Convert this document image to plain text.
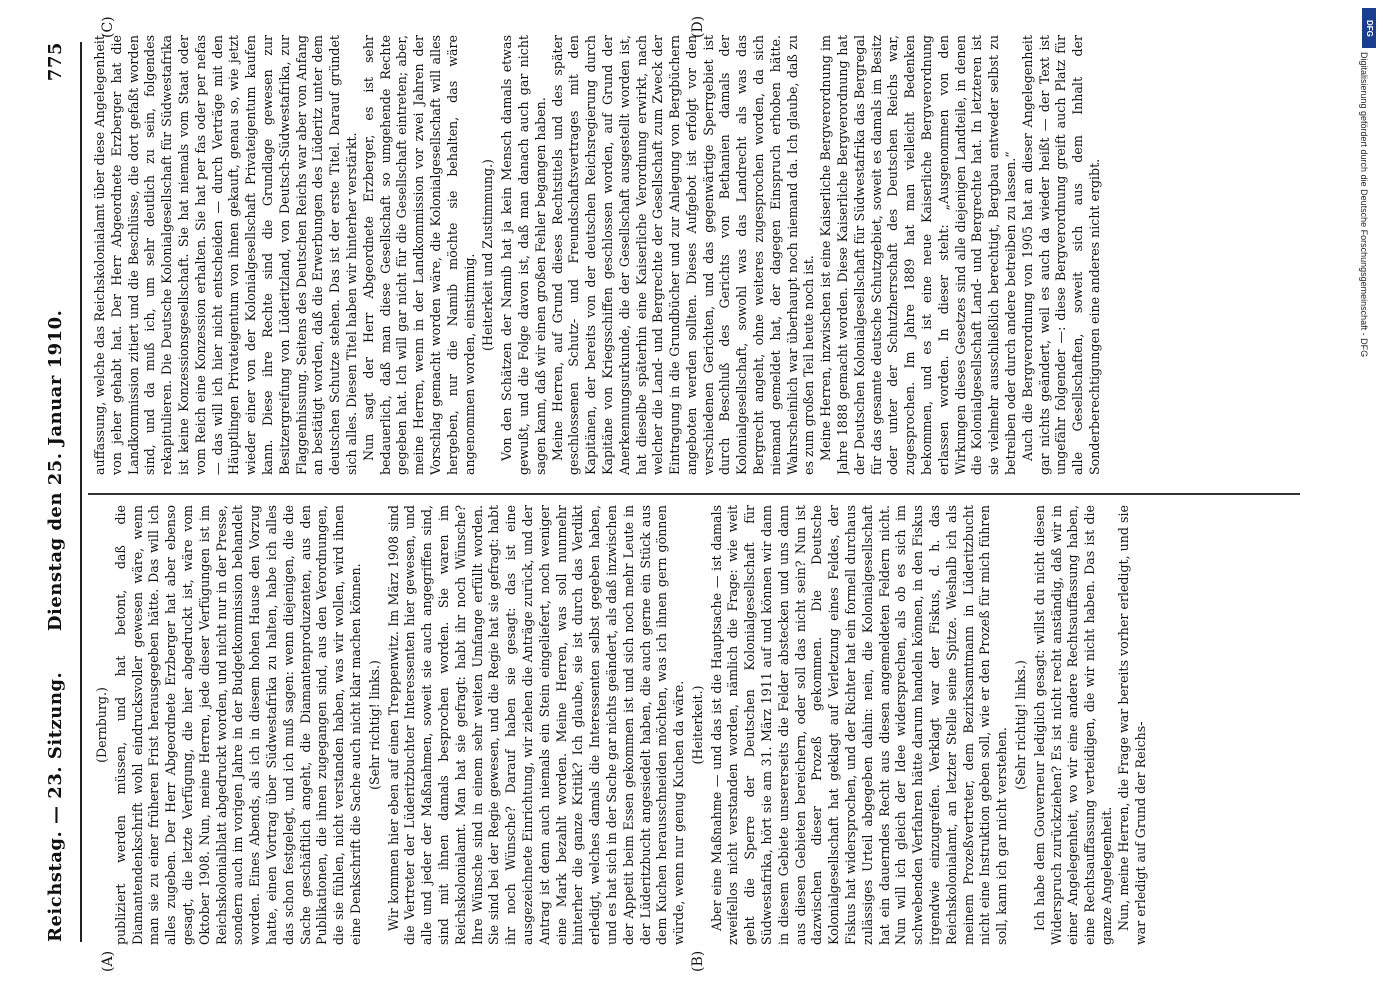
Reichstag. — 23. Sitzung.      Dienstag den 25. Januar 1910.
775
(A)	(B)
(C)	(D)

(Dernburg.) publiziert werden müssen, und hat betont, daß die Diamantendenkschrift wohl eindrucksvoller gewesen wäre, wenn man sie zu einer früheren Frist herausgegeben hätte. Das will ich alles zugeben. Der Herr Abgeordnete Erzberger hat aber ebenso gesagt, die letzte Verfügung, die hier abgedruckt ist, wäre vom Oktober 1908. Nun, meine Herren, jede dieser Verfügungen ist im Reichskolonialblatt abgedruckt worden, und nicht nur in der Presse, sondern auch im vorigen Jahre in der Budgetkommission behandelt worden. Eines Abends, als ich in diesem hohen Hause den Vorzug hatte, einen Vortrag über Südwestafrika zu halten, habe ich alles das schon festgelegt, und ich muß sagen: wenn diejenigen, die die Sache geschäftlich angeht, die Diamantenproduzenten, aus den Publikationen, die ihnen zugegangen sind, aus den Verordnungen, die sie fühlen, nicht verstanden haben, was wir wollen, wird ihnen eine Denkschrift die Sache auch nicht klar machen können. (Sehr richtig! links.) Wir kommen hier eben auf einen Treppenwitz. Im März 1908 sind die Vertreter der Lüderitzbuchter Interessenten hier gewesen, und alle und jeder der Maßnahmen, soweit sie auch angegriffen sind, sind mit ihnen damals besprochen worden. Sie waren im Reichskolonialamt. Man hat sie gefragt: habt ihr noch Wünsche? Ihre Wünsche sind in einem sehr weiten Umfange erfüllt worden. Sie sind bei der Regie gewesen, und die Regie hat sie gefragt: habt ihr noch Wünsche? Darauf haben sie gesagt: das ist eine ausgezeichnete Einrichtung, wir ziehen die Anträge zurück, und der Antrag ist denn auch niemals ein Stein eingeliefert, noch weniger eine Mark bezahlt worden. Meine Herren, was soll nunmehr hinterher die ganze Kritik? Ich glaube, sie ist durch das Verdikt erledigt, welches damals die Interessenten selbst gegeben haben, und es hat sich in der Sache gar nichts geändert, als daß inzwischen der Appetit beim Essen gekommen ist und sich noch mehr Leute in der Lüderitzbucht angesiedelt haben, die auch gerne ein Stück aus dem Kuchen herausschneiden möchten, was ich ihnen gern gönnen würde, wenn nur genug Kuchen da wäre. (Heiterkeit.) Aber eine Maßnahme — und das ist die Hauptsache — ist damals zweifellos nicht verstanden worden, nämlich die Frage: wie weit geht die Sperre der Deutschen Kolonialgesellschaft für Südwestafrika, hört sie am 31. März 1911 auf und können wir dann in diesem Gebiete unsererseits die Felder abstecken und uns dann aus diesen Gebieten bereichern, oder soll das nicht sein? Nun ist dazwischen dieser Prozeß gekommen. Die Deutsche Kolonialgesellschaft hat geklagt auf Verletzung eines Feldes, der Fiskus hat widersprochen, und der Richter hat ein formell durchaus zulässiges Urteil abgegeben dahin: nein, die Kolonialgesellschaft hat ein dauerndes Recht aus diesen angemeldeten Feldern nicht. Nun will ich gleich der Idee widersprechen, als ob es sich im schwebenden Verfahren hätte darum handeln können, in den Fiskus irgendwie einzugreifen. Verklagt war der Fiskus, d. h. das Reichskolonialamt, an letzter Stelle seine Spitze. Weshalb ich als meinem Prozeßvertreter, dem Bezirksamtmann in Lüderitzbucht nicht eine Instruktion geben soll, wie er den Prozeß für mich führen soll, kann ich gar nicht verstehen.

(Sehr richtig! links.) Ich habe dem Gouverneur lediglich gesagt: willst du nicht diesen Widerspruch zurückziehen? Es ist nicht recht anständig, daß wir in einer Angelegenheit, wo wir eine andere Rechtsauffassung haben, eine Rechtsauffassung verteidigen, die wir nicht haben. Das ist die ganze Angelegenheit. Nun, meine Herren, die Frage war bereits vorher erledigt, und sie war erledigt auf Grund der Reichs-

auffassung, welche das Reichskolonialamt über diese Angelegenheit von jeher gehabt hat. Der Herr Abgeordnete Erzberger hat die Landkommission zitiert und die Beschlüsse, die dort gefaßt worden sind, und da muß ich, um sehr deutlich zu sein, folgendes rekapitulieren. Die Deutsche Kolonialgesellschaft für Südwestafrika ist keine Konzessionsgesellschaft. Sie hat niemals vom Staat oder vom Reich eine Konzession erhalten. Sie hat per fas oder per nefas — das will ich hier nicht entscheiden — durch Verträge mit den Häuptlingen Privateigentum von ihnen gekauft, genau so, wie jetzt wieder einer von der Kolonialgesellschaft Privateigentum kaufen kann. Diese ihre Rechte sind die Grundlage gewesen zur Besitzergreifung von Lüderitzland, von Deutsch-Südwestafrika, zur Flaggenhissung. Seitens des Deutschen Reichs war aber von Anfang an bestätigt worden, daß die Erwerbungen des Lüderitz unter dem deutschen Schutze stehen. Das ist der erste Titel. Darauf gründet sich alles. Diesen Titel haben wir hinterher verstärkt. Nun sagt der Herr Abgeordnete Erzberger, es ist sehr bedauerlich, daß man diese Gesellschaft so umgehende Rechte gegeben hat. Ich will gar nicht für die Gesellschaft eintreten; aber, meine Herren, wenn in der Landkommission vor zwei Jahren der Vorschlag gemacht worden wäre, die Kolonialgesellschaft will alles hergeben, nur die Namib möchte sie behalten, das wäre angenommen worden, einstimmig. (Heiterkeit und Zustimmung.) Von den Schätzen der Namib hat ja kein Mensch damals etwas gewußt, und die Folge davon ist, daß man danach auch gar nicht sagen kann, daß wir einen großen Fehler begangen haben. Meine Herren, auf Grund dieses Rechtstitels und des später geschlossenen Schutz- und Freundschaftsvertrages mit den Kapitänen, der bereits von der deutschen Reichsregierung durch Kapitäne von Kriegsschiffen geschlossen worden, auf Grund der Anerkennungsurkunde, die der Gesellschaft ausgestellt worden ist, hat dieselbe späterhin eine Kaiserliche Verordnung erwirkt, nach welcher die Land- und Bergrechte der Gesellschaft zum Zweck der Eintragung in die Grundbücher und zur Anlegung von Bergbüchern angeboten werden sollten. Dieses Aufgebot ist erfolgt vor den verschiedenen Gerichten, und das gegenwärtige Sperrgebiet ist durch Beschluß des Gerichts von Bethanien damals der Kolonialgesellschaft, sowohl was das Landrecht als was das Bergrecht angeht, ohne weiteres zugesprochen worden, da sich niemand gemeldet hat, der dagegen Einspruch erhoben hätte. Wahrscheinlich war überhaupt noch niemand da. Ich glaube, daß zu es zum großen Teil heute noch ist. Meine Herren, inzwischen ist eine Kaiserliche Bergverordnung im Jahre 1888 gemacht worden. Diese Kaiserliche Bergverordnung hat der Deutschen Kolonialgesellschaft für Südwestafrika das Bergregal für das gesamte deutsche Schutzgebiet, soweit es damals im Besitz oder unter der Schutzherrschaft des Deutschen Reichs war, zugesprochen. Im Jahre 1889 hat man vielleicht Bedenken bekommen, und es ist eine neue Kaiserliche Bergverordnung erlassen worden. In dieser steht: „Ausgenommen von den Wirkungen dieses Gesetzes sind alle diejenigen Landteile, in denen die Kolonialgesellschaft Land- und Bergrechte hat. In letzteren ist sie vielmehr ausschließlich berechtigt, Bergbau entweder selbst zu betreiben oder durch andere betreiben zu lassen.“ Auch die Bergverordnung von 1905 hat an dieser Angelegenheit gar nichts geändert, weil es auch da wieder heißt — der Text ist ungefähr folgender —: diese Bergverordnung greift auch Platz für alle Gesellschaften, soweit sich aus dem Inhalt der Sonderberechtigungen eine anderes nicht ergibt.

DFG
Digitalisierung gefördert durch die Deutsche Forschungsgemeinschaft - DFG
